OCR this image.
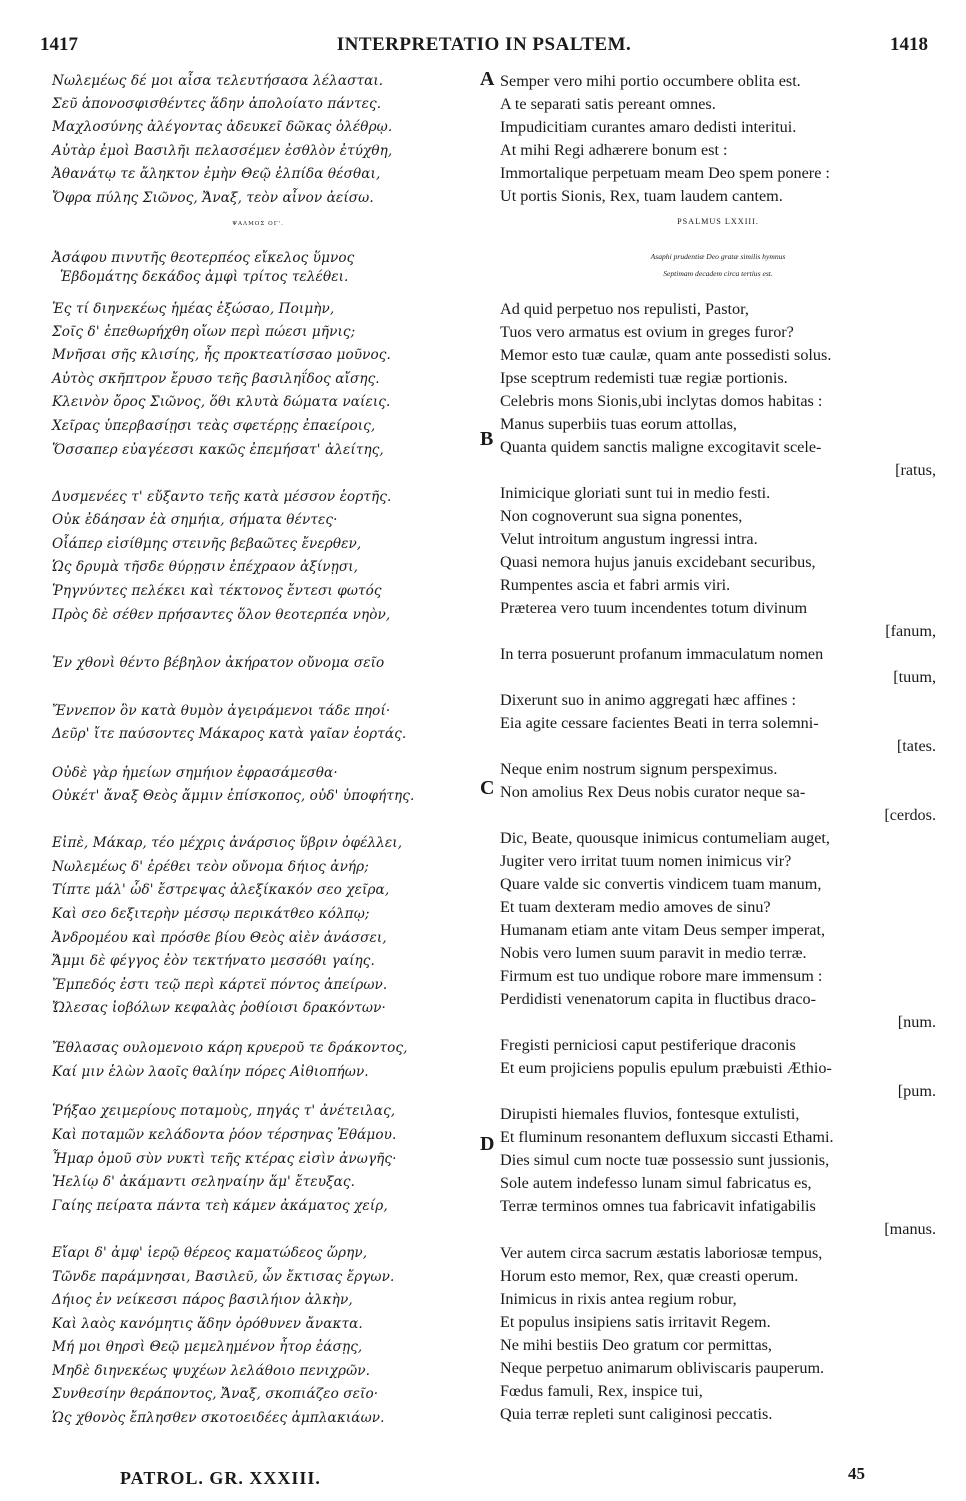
1417	INTERPRETATIO IN PSALTEM.	1418
Νωλεμέως δέ μοι αἶσα τελευτήσασα λέλασται.
Σεῦ ἀπονοσφισθέντες ἅδην ἀπολοίατο πάντες.
Μαχλοσύνης ἀλέγοντας ἀδευκεῖ δῶκας ὀλέθρῳ.
Αὐτὰρ ἐμοὶ Βασιλῆι πελασσέμεν ἐσθλὸν ἐτύχθη,
Ἀθανάτῳ τε ἄληκτον ἐμὴν Θεῷ ἐλπίδα θέσθαι,
Ὄφρα πύλης Σιῶνος, Ἄναξ, τεὸν αἶνον ἀείσω.
ΨΑΛΜΟΣ ΟΓ'.
Ἀσάφου πινυτῆς θεοτερπέος εἴκελος ὕμνος
Ἑβδομάτης δεκάδος ἀμφὶ τρίτος τελέθει.
Ἐς τί διηνεκέως ἡμέας ἐξώσαο, Ποιμὴν,
Σοῖς δ' ἐπεθωρήχθη οἴων περὶ πώεσι μῆνις;
Μνῆσαι σῆς κλισίης, ἧς προκτεατίσσαο μοῦνος.
Αὐτὸς σκῆπτρον ἔρυσο τεῆς βασιληΐδος αἴσης.
Κλεινὸν ὄρος Σιῶνος, ὅθι κλυτὰ δώματα ναίεις.
Χεῖρας ὑπερβασίῃσι τεὰς σφετέρῃς ἐπαείροις,
Ὅσσαπερ εὐαγέεσσι κακῶς ἐπεμήσατ' ἀλείτης,
Δυσμενέες τ' εὔξαντο τεῆς κατὰ μέσσον ἑορτῆς.
Οὐκ ἐδάησαν ἑὰ σημήια, σήματα θέντες·
Οἷάπερ εἰσίθμης στεινῆς βεβαῶτες ἔνερθεν,
Ὡς δρυμὰ τῆσδε θύρῃσιν ἐπέχραον ἀξίνῃσι,
Ῥηγνύντες πελέκει καὶ τέκτονος ἔντεσι φωτός
Πρὸς δὲ σέθεν πρήσαντες ὅλον θεοτερπέα νηὸν,
Ἐν χθονὶ θέντο βέβηλον ἀκήρατον οὔνομα σεῖο
Ἔννεπον ὃν κατὰ θυμὸν ἀγειράμενοι τάδε πηοί·
Δεῦρ' ἴτε παύσοντες Μάκαρος κατὰ γαῖαν ἑορτάς.
Οὐδὲ γὰρ ἡμείων σημήιον ἐφρασάμεσθα·
Οὐκέτ' ἄναξ Θεὸς ἄμμιν ἐπίσκοπος, οὐδ' ὑποφήτης.
Εἰπὲ, Μάκαρ, τέο μέχρις ἀνάρσιος ὕβριν ὀφέλλει,
Νωλεμέως δ' ἐρέθει τεὸν οὔνομα δήιος ἀνήρ;
Τίπτε μάλ' ὧδ' ἔστρεψας ἀλεξίκακόν σεο χεῖρα,
Καὶ σεο δεξιτερὴν μέσσῳ περικάτθεο κόλπῳ;
Ἀνδρομέου καὶ πρόσθε βίου Θεὸς αἰὲν ἀνάσσει,
Ἄμμι δὲ φέγγος ἐὸν τεκτήνατο μεσσόθι γαίης.
Ἔμπεδός ἐστι τεῷ περὶ κάρτεϊ πόντος ἀπείρων.
Ὤλεσας ἰοβόλων κεφαλὰς ῥοθίοισι δρακόντων·
Ἔθλασας ουλομενοιο κάρη κρυεροῦ τε δράκοντος,
Καί μιν ἑλὼν λαοῖς θαλίην πόρες Αἰθιοπήων.
Ῥήξαο χειμερίους ποταμοὺς, πηγάς τ' ἀνέτειλας,
Καὶ ποταμῶν κελάδοντα ῥόον τέρσηνας Ἐθάμου.
Ἦμαρ ὁμοῦ σὺν νυκτὶ τεῆς κτέρας εἰσὶν ἀνωγῆς·
Ἠελίῳ δ' ἀκάμαντι σεληναίην ἅμ' ἔτευξας.
Γαίης πείρατα πάντα τεὴ κάμεν ἀκάματος χείρ,
Εἴαρι δ' ἀμφ' ἱερῷ θέρεος καματώδεος ὥρην,
Τῶνδε παράμνησαι, Βασιλεῦ, ὧν ἔκτισας ἔργων.
Δήιος ἐν νείκεσσι πάρος βασιλήιον ἀλκὴν,
Καὶ λαὸς κανόμητις ἅδην ὀρόθυνεν ἄνακτα.
Μή μοι θηρσὶ Θεῷ μεμελημένον ἦτορ ἐάσῃς,
Μηδὲ διηνεκέως ψυχέων λελάθοιο πενιχρῶν.
Συνθεσίην θεράποντος, Ἄναξ, σκοπιάζεο σεῖο·
Ὡς χθονὸς ἔπλησθεν σκοτοειδέες ἀμπλακιάων.
Semper vero mihi portio occumbere oblita est.
A te separati satis pereant omnes.
Impudicitiam curantes amaro dedisti interitui.
At mihi Regi adhærere bonum est :
Immortalique perpetuam meam Deo spem ponere :
Ut portis Sionis, Rex, tuam laudem cantem.
PSALMUS LXXIII.
Asaphi prudentiæ Deo gratæ similis hymnus
Septimam decadem circa tertius est.
Ad quid perpetuo nos repulisti, Pastor,
Tuos vero armatus est ovium in greges furor?
Memor esto tuæ caulæ, quam ante possedisti solus.
Ipse sceptrum redemisti tuæ regiæ portionis.
Celebris mons Sionis,ubi inclytas domos habitas :
Manus superbiis tuas eorum attollas,
Quanta quidem sanctis maligne excogitavit scele-
[ratus,
Inimicique gloriati sunt tui in medio festi.
Non cognoverunt sua signa ponentes,
Velut introitum angustum ingressi intra.
Quasi nemora hujus januis excidebant securibus,
Rumpentes ascia et fabri armis viri.
Præterea vero tuum incendentes totum divinum
[fanum,
In terra posuerunt profanum immaculatum nomen
[tuum,
Dixerunt suo in animo aggregati hæc affines :
Eia agite cessare facientes Beati in terra solemni-
[tates.
Neque enim nostrum signum perspeximus.
Non amolius Rex Deus nobis curator neque sa-
[cerdos.
Dic, Beate, quousque inimicus contumeliam auget,
Jugiter vero irritat tuum nomen inimicus vir?
Quare valde sic convertis vindicem tuam manum,
Et tuam dexteram medio amoves de sinu?
Humanam etiam ante vitam Deus semper imperat,
Nobis vero lumen suum paravit in medio terræ.
Firmum est tuo undique robore mare immensum :
Perdidisti venenatorum capita in fluctibus draco-
[num.
Fregisti perniciosi caput pestiferique draconis
Et eum projiciens populis epulum præbuisti Æthio-
[pum.
Dirupisti hiemales fluvios, fontesque extulisti,
Et fluminum resonantem defluxum siccasti Ethami.
Dies simul cum nocte tuæ possessio sunt jussionis,
Sole autem indefesso lunam simul fabricatus es,
Terræ terminos omnes tua fabricavit infatigabilis
[manus.
Ver autem circa sacrum æstatis laboriosæ tempus,
Horum esto memor, Rex, quæ creasti operum.
Inimicus in rixis antea regium robur,
Et populus insipiens satis irritavit Regem.
Ne mihi bestiis Deo gratum cor permittas,
Neque perpetuo animarum obliviscaris pauperum.
Fœdus famuli, Rex, inspice tui,
Quia terræ repleti sunt caliginosi peccatis.
A
B
C
D
PATROL. GR. XXXIII.	45
